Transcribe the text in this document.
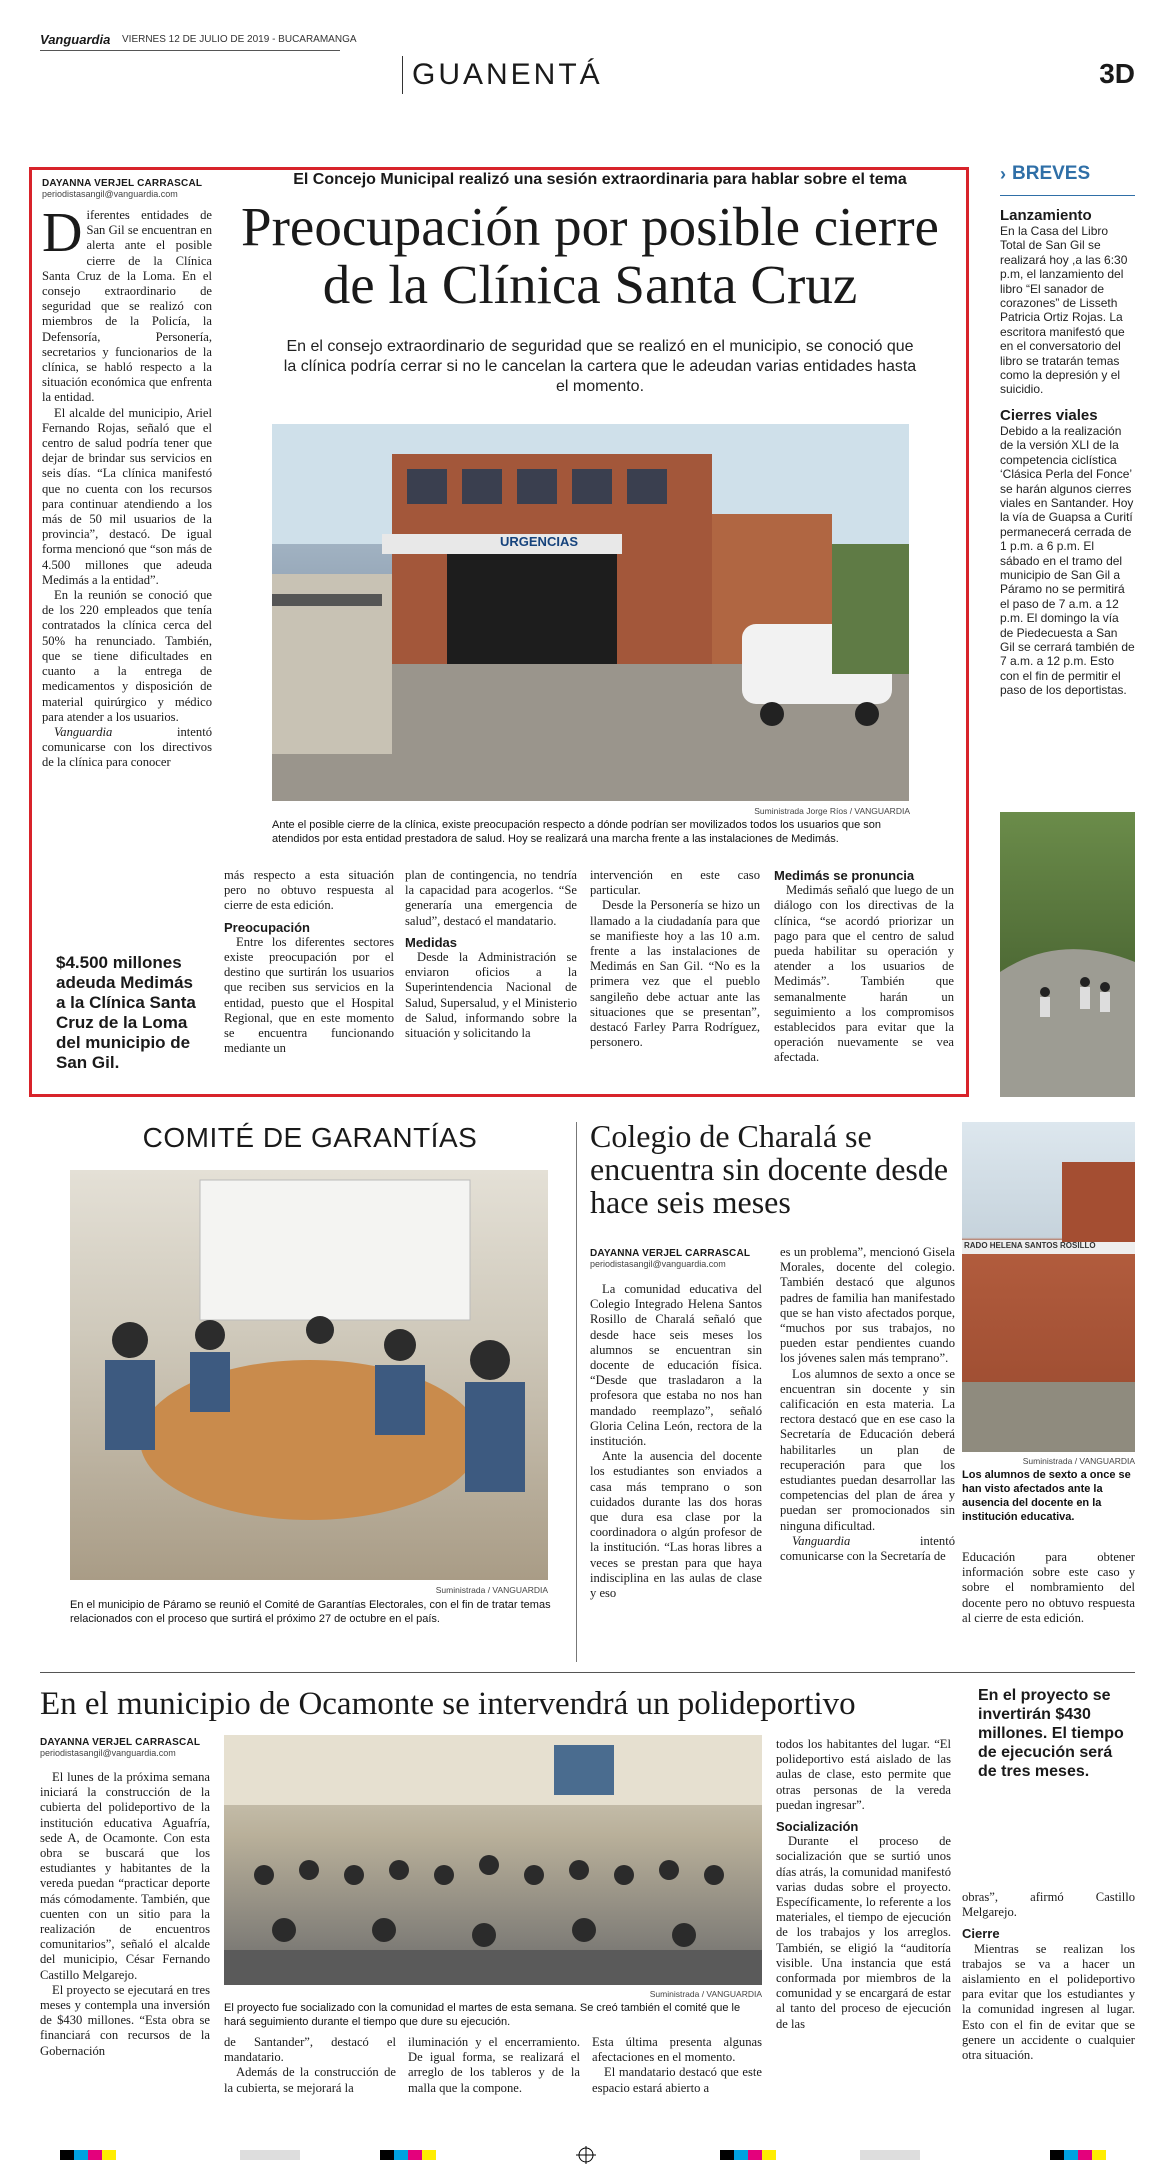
Vanguardia VIERNES 12 DE JULIO DE 2019 - BUCARAMANGA
GUANENTÁ	3D
DAYANNA VERJEL CARRASCAL
periodistasangil@vanguardia.com
El Concejo Municipal realizó una sesión extraordinaria para hablar sobre el tema
Preocupación por posible cierre de la Clínica Santa Cruz
En el consejo extraordinario de seguridad que se realizó en el municipio, se conoció que la clínica podría cerrar si no le cancelan la cartera que le adeudan varias entidades hasta el momento.

Diferentes entidades de San Gil se encuentran en alerta ante el posible cierre de la Clínica Santa Cruz de la Loma. En el consejo extraordinario de seguridad que se realizó con miembros de la Policía, la Defensoría, Personería, secretarios y funcionarios de la clínica, se habló respecto a la situación económica que enfrenta la entidad.

El alcalde del municipio, Ariel Fernando Rojas, señaló que el centro de salud podría tener que dejar de brindar sus servicios en seis días. “La clínica manifestó que no cuenta con los recursos para continuar atendiendo a los más de 50 mil usuarios de la provincia”, destacó. De igual forma mencionó que “son más de 4.500 millones que adeuda Medimás a la entidad”.

En la reunión se conoció que de los 220 empleados que tenía contratados la clínica cerca del 50% ha renunciado. También, que se tiene dificultades en cuanto a la entrega de medicamentos y disposición de material quirúrgico y médico para atender a los usuarios.

Vanguardia intentó comunicarse con los directivos de la clínica para conocer

$4.500 millones adeuda Medimás a la Clínica Santa Cruz de la Loma del municipio de San Gil.
URGENCIAS
Suministrada Jorge Ríos / VANGUARDIA
Ante el posible cierre de la clínica, existe preocupación respecto a dónde podrían ser movilizados todos los usuarios que son atendidos por esta entidad prestadora de salud. Hoy se realizará una marcha frente a las instalaciones de Medimás.

más respecto a esta situación pero no obtuvo respuesta al cierre de esta edición.

Preocupación

Entre los diferentes sectores existe preocupación por el destino que surtirán los usuarios que reciben sus servicios en la entidad, puesto que el Hospital Regional, que en este momento se encuentra funcionando mediante un

plan de contingencia, no tendría la capacidad para acogerlos. “Se generaría una emergencia de salud”, destacó el mandatario.

Medidas

Desde la Administración se enviaron oficios a la Superintendencia Nacional de Salud, Supersalud, y el Ministerio de Salud, informando sobre la situación y solicitando la

intervención en este caso particular.

Desde la Personería se hizo un llamado a la ciudadanía para que se manifieste hoy a las 10 a.m. frente a las instalaciones de Medimás en San Gil. “No es la primera vez que el pueblo sangileño debe actuar ante las situaciones que se presentan”, destacó Farley Parra Rodríguez, personero.

Medimás se pronuncia

Medimás señaló que luego de un diálogo con los directivas de la clínica, “se acordó priorizar un pago para que el centro de salud pueda habilitar su operación y atender a los usuarios de Medimás”. También que semanalmente harán un seguimiento a los compromisos establecidos para evitar que la operación nuevamente se vea afectada.

› BREVES
Lanzamiento
En la Casa del Libro Total de San Gil se realizará hoy ,a las 6:30 p.m, el lanzamiento del libro “El sanador de corazones” de Lisseth Patricia Ortiz Rojas. La escritora manifestó que en el conversatorio del libro se tratarán temas como la depresión y el suicidio.
Cierres viales
Debido a la realización de la versión XLI de la competencia ciclística ‘Clásica Perla del Fonce’ se harán algunos cierres viales en Santander. Hoy la vía de Guapsa a Curití permanecerá cerrada de 1 p.m. a 6 p.m. El sábado en el tramo del municipio de San Gil a Páramo no se permitirá el paso de 7 a.m. a 12 p.m. El domingo la vía de Piedecuesta a San Gil se cerrará también de 7 a.m. a 12 p.m. Esto con el fin de permitir el paso de los deportistas.
COMITÉ DE GARANTÍAS
Suministrada / VANGUARDIA
En el municipio de Páramo se reunió el Comité de Garantías Electorales, con el fin de tratar temas relacionados con el proceso que surtirá el próximo 27 de octubre en el país.
Colegio de Charalá se encuentra sin docente desde hace seis meses
DAYANNA VERJEL CARRASCAL
periodistasangil@vanguardia.com

La comunidad educativa del Colegio Integrado Helena Santos Rosillo de Charalá señaló que desde hace seis meses los alumnos se encuentran sin docente de educación física. “Desde que trasladaron a la profesora que estaba no nos han mandado reemplazo”, señaló Gloria Celina León, rectora de la institución.

Ante la ausencia del docente los estudiantes son enviados a casa más temprano o son cuidados durante las dos horas que dura esa clase por la coordinadora o algún profesor de la institución. “Las horas libres a veces se prestan para que haya indisciplina en las aulas de clase y eso

es un problema”, mencionó Gisela Morales, docente del colegio. También destacó que algunos padres de familia han manifestado que se han visto afectados porque, “muchos por sus trabajos, no pueden estar pendientes cuando los jóvenes salen más temprano”.

Los alumnos de sexto a once se encuentran sin docente y sin calificación en esta materia. La rectora destacó que en ese caso la Secretaría de Educación deberá habilitarles un plan de recuperación para que los estudiantes puedan desarrollar las competencias del plan de área y puedan ser promocionados sin ninguna dificultad.

Vanguardia intentó comunicarse con la Secretaría de

RADO HELENA SANTOS ROSILLO
Suministrada / VANGUARDIA
Los alumnos de sexto a once se han visto afectados ante la ausencia del docente en la institución educativa.

Educación para obtener información sobre este caso y sobre el nombramiento del docente pero no obtuvo respuesta al cierre de esta edición.

En el municipio de Ocamonte se intervendrá un polideportivo
DAYANNA VERJEL CARRASCAL
periodistasangil@vanguardia.com

El lunes de la próxima semana iniciará la construcción de la cubierta del polideportivo de la institución educativa Aguafría, sede A, de Ocamonte. Con esta obra se buscará que los estudiantes y habitantes de la vereda puedan “practicar deporte más cómodamente. También, que cuenten con un sitio para la realización de encuentros comunitarios”, señaló el alcalde del municipio, César Fernando Castillo Melgarejo.

El proyecto se ejecutará en tres meses y contempla una inversión de $430 millones. “Esta obra se financiará con recursos de la Gobernación

Suministrada / VANGUARDIA
El proyecto fue socializado con la comunidad el martes de esta semana. Se creó también el comité que le hará seguimiento durante el tiempo que dure su ejecución.

de Santander”, destacó el mandatario.

Además de la construcción de la cubierta, se mejorará la

iluminación y el encerramiento. De igual forma, se realizará el arreglo de los tableros y de la malla que la compone.

Esta última presenta algunas afectaciones en el momento.

El mandatario destacó que este espacio estará abierto a

todos los habitantes del lugar. “El polideportivo está aislado de las aulas de clase, esto permite que otras personas de la vereda puedan ingresar”.

Socialización

Durante el proceso de socialización que se surtió unos días atrás, la comunidad manifestó varias dudas sobre el proyecto. Específicamente, lo referente a los materiales, el tiempo de ejecución de los trabajos y los arreglos. También, se eligió la “auditoría visible. Una instancia que está conformada por miembros de la comunidad y se encargará de estar al tanto del proceso de ejecución de las

En el proyecto se invertirán $430 millones. El tiempo de ejecución será de tres meses.

obras”, afirmó Castillo Melgarejo.

Cierre

Mientras se realizan los trabajos se va a hacer un aislamiento en el polideportivo para evitar que los estudiantes y la comunidad ingresen al lugar. Esto con el fin de evitar que se genere un accidente o cualquier otra situación.
